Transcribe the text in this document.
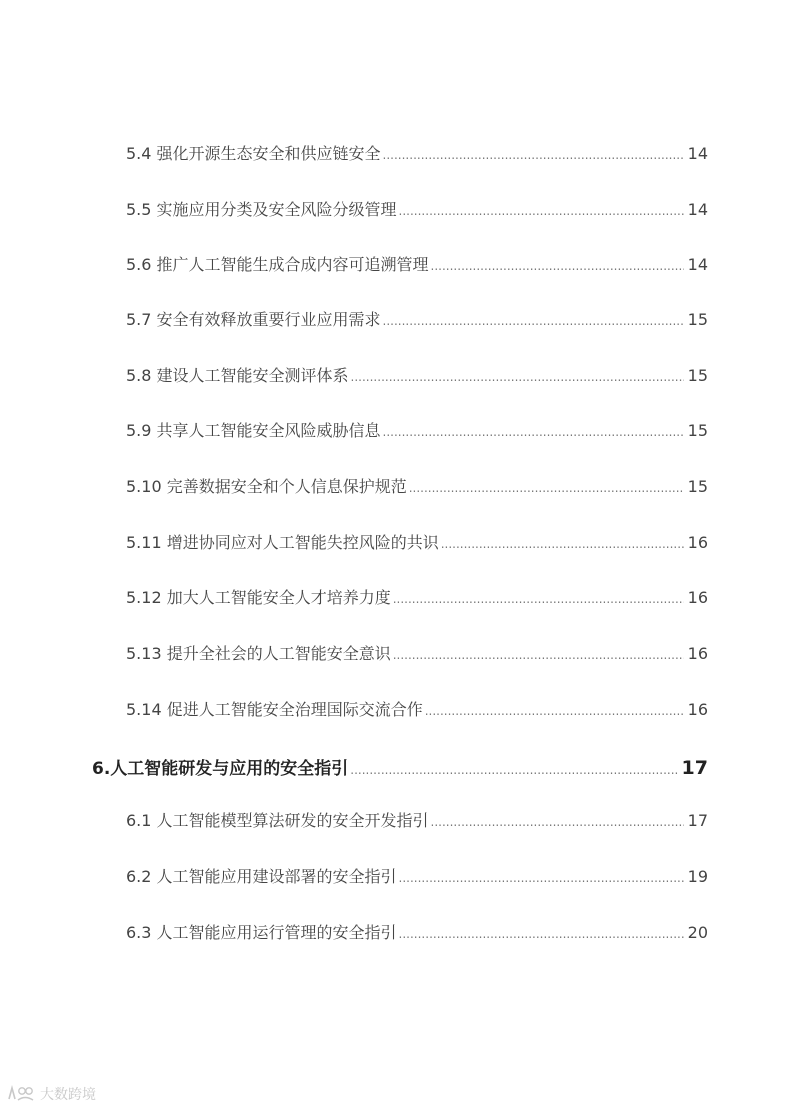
5.4 强化开源生态安全和供应链安全 .....	14
5.5 实施应用分类及安全风险分级管理 .....	14
5.6 推广人工智能生成合成内容可追溯管理 .....	14
5.7 安全有效释放重要行业应用需求 .....	15
5.8 建设人工智能安全测评体系 .....	15
5.9 共享人工智能安全风险威胁信息 .....	15
5.10 完善数据安全和个人信息保护规范 .....	15
5.11 增进协同应对人工智能失控风险的共识 .....	16
5.12 加大人工智能安全人才培养力度 .....	16
5.13 提升全社会的人工智能安全意识 .....	16
5.14 促进人工智能安全治理国际交流合作 .....	16
6.人工智能研发与应用的安全指引 .....	17
6.1 人工智能模型算法研发的安全开发指引 .....	17
6.2 人工智能应用建设部署的安全指引 .....	19
6.3 人工智能应用运行管理的安全指引 .....	20
大数跨境
